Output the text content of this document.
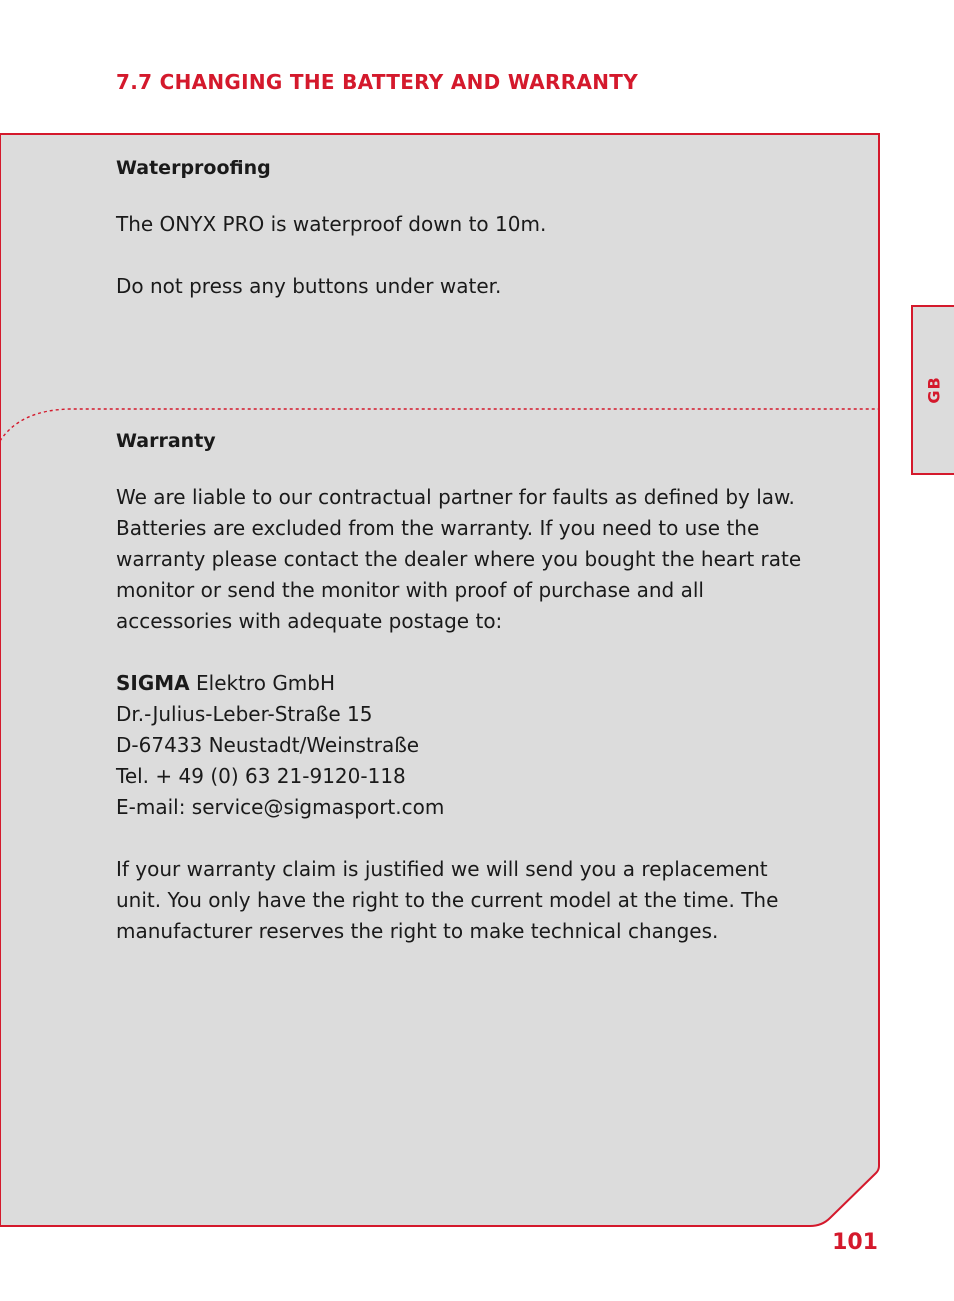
7.7 CHANGING THE BATTERY AND WARRANTY

Waterproofing

The ONYX PRO is waterproof down to 10m.

Do not press any buttons under water.

Warranty

We are liable to our contractual partner for faults as defined by law. Batteries are excluded from the warranty. If you need to use the warranty please contact the dealer where you bought the heart rate monitor or send the monitor with proof of purchase and all accessories with adequate postage to:

SIGMA Elektro GmbH
Dr.-Julius-Leber-Straße 15
D-67433 Neustadt/Weinstraße
Tel. + 49 (0) 63 21-9120-118
E-mail: service@sigmasport.com

If your warranty claim is justified we will send you a replacement unit. You only have the right to the current model at the time. The manufacturer reserves the right to make technical changes.

GB
101
